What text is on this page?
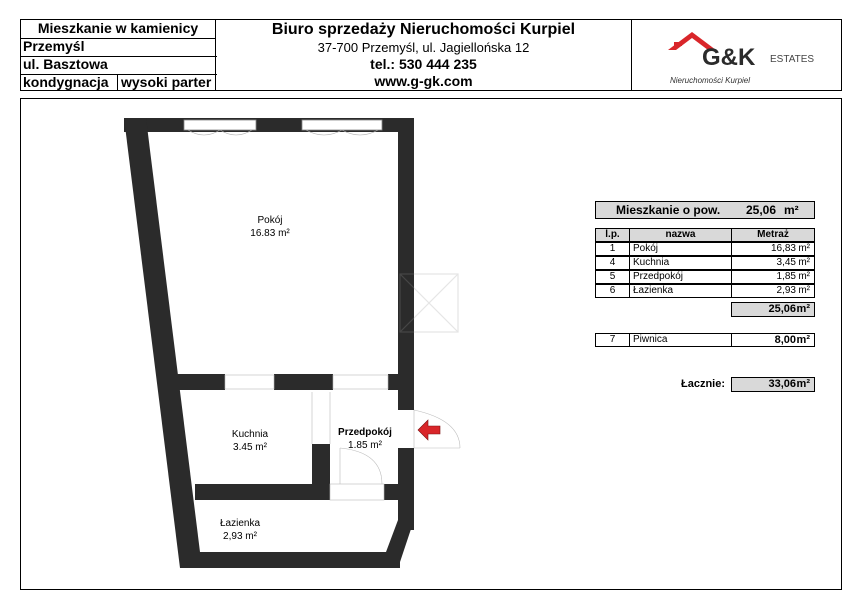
Mieszkanie w kamienicy
Przemyśl
ul. Basztowa
kondygnacja wysoki parter
Biuro sprzedaży Nieruchomości Kurpiel
37-700 Przemyśl, ul. Jagiellońska 12
tel.: 530 444 235
www.g-gk.com
G&K ESTATES
Nieruchomości Kurpiel
Pokój
16.83 m²
Kuchnia
3.45 m²
Przedpokój
1.85 m²
Łazienka
2,93 m²
Mieszkanie o pow. 25,06 m²
l.p.	nazwa	Metraż
1	Pokój	16,83 m²
4	Kuchnia	3,45 m²
5	Przedpokój	1,85 m²
6	Łazienka	2,93 m²
25,06 m²
7	Piwnica	8,00 m²
Łacznie:	33,06 m²
